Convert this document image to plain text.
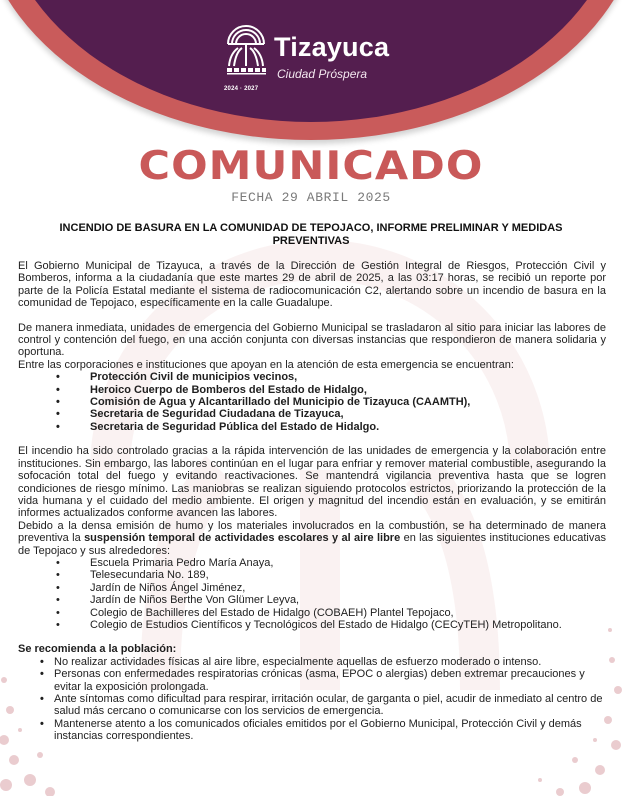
2024 · 2027
Tizayuca
Ciudad Próspera
COMUNICADO
FECHA 29 ABRIL 2025
INCENDIO DE BASURA EN LA COMUNIDAD DE TEPOJACO, INFORME PRELIMINAR Y MEDIDAS PREVENTIVAS

El Gobierno Municipal de Tizayuca, a través de la Dirección de Gestión Integral de Riesgos, Protección Civil y Bomberos, informa a la ciudadanía que este martes 29 de abril de 2025, a las 03:17 horas, se recibió un reporte por parte de la Policía Estatal mediante el sistema de radiocomunicación C2, alertando sobre un incendio de basura en la comunidad de Tepojaco, específicamente en la calle Guadalupe.

De manera inmediata, unidades de emergencia del Gobierno Municipal se trasladaron al sitio para iniciar las labores de control y contención del fuego, en una acción conjunta con diversas instancias que respondieron de manera solidaria y oportuna.

Entre las corporaciones e instituciones que apoyan en la atención de esta emergencia se encuentran:

• Protección Civil de municipios vecinos,
• Heroico Cuerpo de Bomberos del Estado de Hidalgo,
• Comisión de Agua y Alcantarillado del Municipio de Tizayuca (CAAMTH),
• Secretaria de Seguridad Ciudadana de Tizayuca,
• Secretaria de Seguridad Pública del Estado de Hidalgo.

El incendio ha sido controlado gracias a la rápida intervención de las unidades de emergencia y la colaboración entre instituciones. Sin embargo, las labores continúan en el lugar para enfriar y remover material combustible, asegurando la sofocación total del fuego y evitando reactivaciones. Se mantendrá vigilancia preventiva hasta que se logren condiciones de riesgo mínimo. Las maniobras se realizan siguiendo protocolos estrictos, priorizando la protección de la vida humana y el cuidado del medio ambiente. El origen y magnitud del incendio están en evaluación, y se emitirán informes actualizados conforme avancen las labores.

Debido a la densa emisión de humo y los materiales involucrados en la combustión, se ha determinado de manera preventiva la suspensión temporal de actividades escolares y al aire libre en las siguientes instituciones educativas de Tepojaco y sus alrededores:

• Escuela Primaria Pedro María Anaya,
• Telesecundaria No. 189,
• Jardín de Niños Ángel Jiménez,
• Jardín de Niños Berthe Von Glümer Leyva,
• Colegio de Bachilleres del Estado de Hidalgo (COBAEH) Plantel Tepojaco,
• Colegio de Estudios Científicos y Tecnológicos del Estado de Hidalgo (CECyTEH) Metropolitano.
Se recomienda a la población:
• No realizar actividades físicas al aire libre, especialmente aquellas de esfuerzo moderado o intenso.
• Personas con enfermedades respiratorias crónicas (asma, EPOC o alergias) deben extremar precauciones y evitar la exposición prolongada.
• Ante síntomas como dificultad para respirar, irritación ocular, de garganta o piel, acudir de inmediato al centro de salud más cercano o comunicarse con los servicios de emergencia.
• Mantenerse atento a los comunicados oficiales emitidos por el Gobierno Municipal, Protección Civil y demás instancias correspondientes.
